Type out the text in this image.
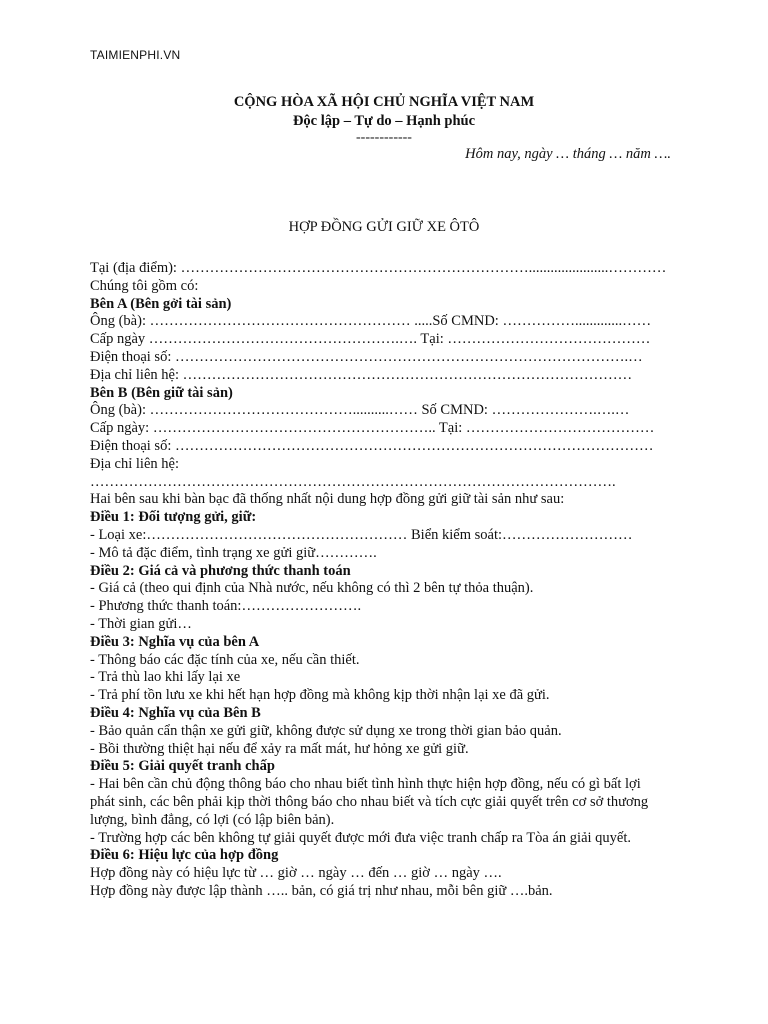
TAIMIENPHI.VN
CỘNG HÒA XÃ HỘI CHỦ NGHĨA VIỆT NAM
Độc lập – Tự do – Hạnh phúc
------------
Hôm nay, ngày … tháng … năm ….
HỢP ĐỒNG GỬI GIỮ XE ÔTÔ
Tại (địa điểm): ………………………………………………………………......................…………
Chúng tôi gồm có:
Bên A (Bên gởi tài sản)
Ông (bà): ……………………………………………… .....Số CMND: …………….............……
Cấp ngày …………………………………………….…. Tại: ……………………………………
Điện thoại số: ………………………………………………………………………………….…
Địa chỉ liên hệ: …………………………………………………………………………………
Bên B (Bên giữ tài sản)
Ông (bà): ……………………………………..........…… Số CMND: ………………….….…
Cấp ngày: ………………………………………………….. Tại: …………………………………
Điện thoại số: ………………………………………………………………………………………
Địa chỉ liên hệ:
……………………………………………………………………………………………….
Hai bên sau khi bàn bạc đã thống nhất nội dung hợp đồng gửi giữ tài sản như sau:
Điều 1: Đối tượng gửi, giữ:
- Loại xe:……………………………………………… Biển kiểm soát:………………………
- Mô tả đặc điểm, tình trạng xe gửi giữ………….
Điều 2: Giá cả và phương thức thanh toán
- Giá cả (theo qui định của Nhà nước, nếu không có thì 2 bên tự thỏa thuận).
- Phương thức thanh toán:…………………….
- Thời gian gửi…
Điều 3: Nghĩa vụ của bên A
- Thông báo các đặc tính của xe, nếu cần thiết.
- Trả thù lao khi lấy lại xe
- Trả phí tồn lưu xe khi hết hạn hợp đồng mà không kịp thời nhận lại xe đã gửi.
Điều 4: Nghĩa vụ của Bên B
- Bảo quản cẩn thận xe gửi giữ, không được sử dụng xe trong thời gian bảo quản.
- Bồi thường thiệt hại nếu để xảy ra mất mát, hư hỏng xe gửi giữ.
Điều 5: Giải quyết tranh chấp
- Hai bên cần chủ động thông báo cho nhau biết tình hình thực hiện hợp đồng, nếu có gì bất lợi
phát sinh, các bên phải kịp thời thông báo cho nhau biết và tích cực giải quyết trên cơ sở thương
lượng, bình đẳng, có lợi (có lập biên bản).
- Trường hợp các bên không tự giải quyết được mới đưa việc tranh chấp ra Tòa án giải quyết.
Điều 6: Hiệu lực của hợp đồng
Hợp đồng này có hiệu lực từ … giờ … ngày … đến … giờ … ngày ….
Hợp đồng này được lập thành ….. bản, có giá trị như nhau, mỗi bên giữ ….bản.
